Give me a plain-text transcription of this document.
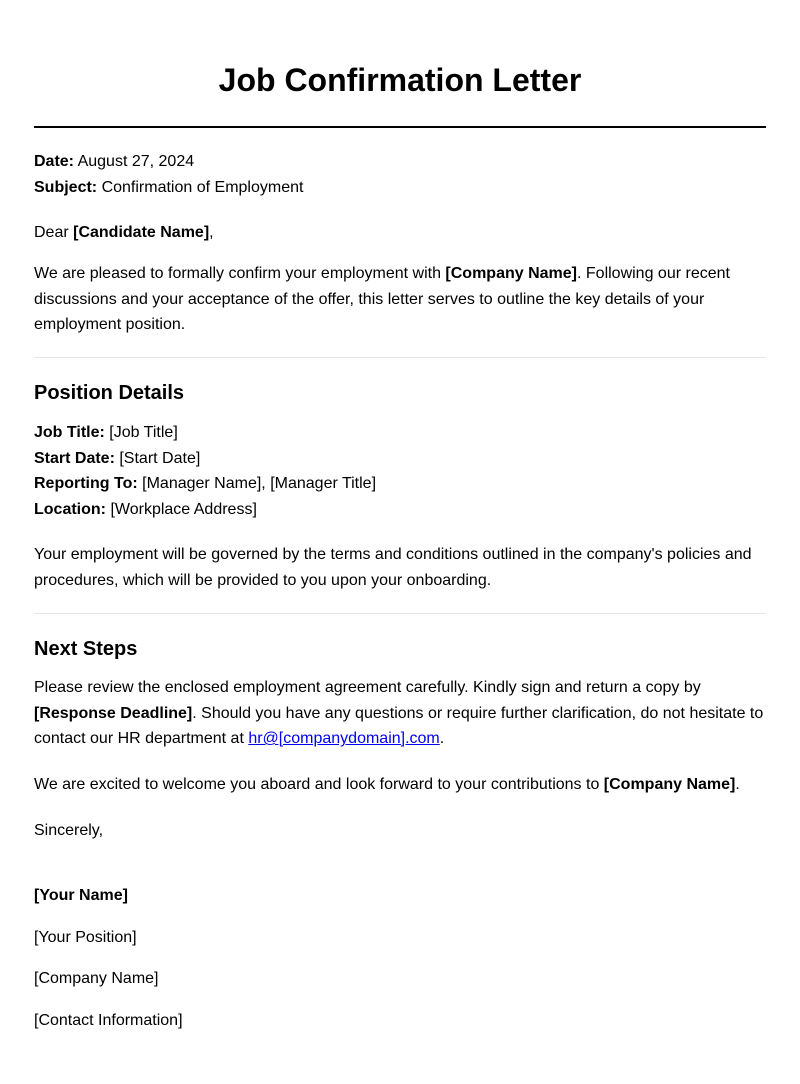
Job Confirmation Letter
Date: August 27, 2024
Subject: Confirmation of Employment
Dear [Candidate Name],

We are pleased to formally confirm your employment with [Company Name]. Following our recent discussions and your acceptance of the offer, this letter serves to outline the key details of your employment position.

Position Details
Job Title: [Job Title]
Start Date: [Start Date]
Reporting To: [Manager Name], [Manager Title]
Location: [Workplace Address]

Your employment will be governed by the terms and conditions outlined in the company's policies and procedures, which will be provided to you upon your onboarding.

Next Steps

Please review the enclosed employment agreement carefully. Kindly sign and return a copy by [Response Deadline]. Should you have any questions or require further clarification, do not hesitate to contact our HR department at hr@[companydomain].com.

We are excited to welcome you aboard and look forward to your contributions to [Company Name].

Sincerely,
[Your Name]
[Your Position]
[Company Name]
[Contact Information]
